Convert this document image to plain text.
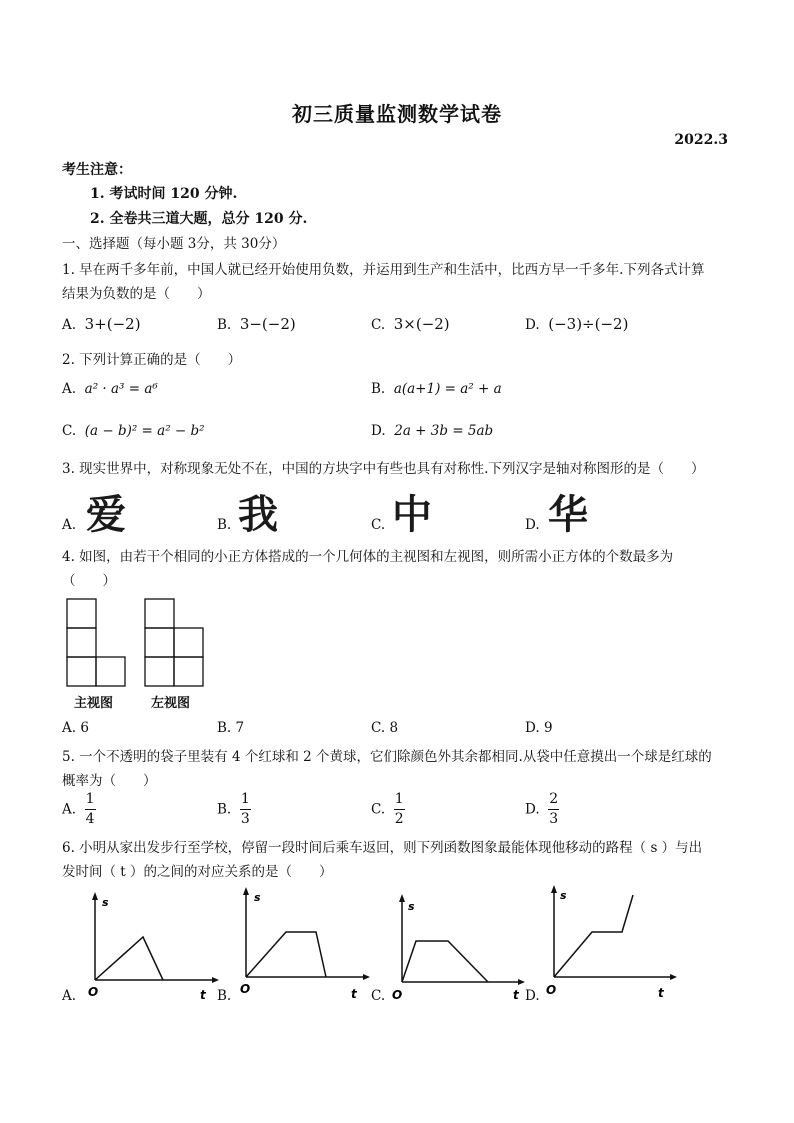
初三质量监测数学试卷
2022.3
考生注意：
1. 考试时间 120 分钟.
2. 全卷共三道大题，总分 120 分.
一、选择题（每小题 3分，共 30分）
1. 早在两千多年前，中国人就已经开始使用负数，并运用到生产和生活中，比西方早一千多年.下列各式计算
结果为负数的是（　　）
A. 3+(−2)	B. 3−(−2)	C. 3×(−2)	D. (−3)÷(−2)
2. 下列计算正确的是（　　）
A. a² · a³ = a⁶	B. a(a+1) = a² + a
C. (a − b)² = a² − b²	D. 2a + 3b = 5ab
3. 现实世界中，对称现象无处不在，中国的方块字中有些也具有对称性.下列汉字是轴对称图形的是（　　）
A. 爱	B. 我	C. 中	D. 华
4. 如图，由若干个相同的小正方体搭成的一个几何体的主视图和左视图，则所需小正方体的个数最多为
（　　）
主视图	左视图
A. 6	B. 7	C. 8	D. 9
5. 一个不透明的袋子里装有 4 个红球和 2 个黄球，它们除颜色外其余都相同.从袋中任意摸出一个球是红球的
概率为（　　）
A. $\frac{1}{4}$	B. $\frac{1}{3}$	C. $\frac{1}{2}$	D. $\frac{2}{3}$
6. 小明从家出发步行至学校，停留一段时间后乘车返回，则下列函数图象最能体现他移动的路程（ s ）与出
发时间（ t ）的之间的对应关系的是（　　）
s
O	t
A.
s
O	t
B.
s
O	t
C.
s
O	t
D.
